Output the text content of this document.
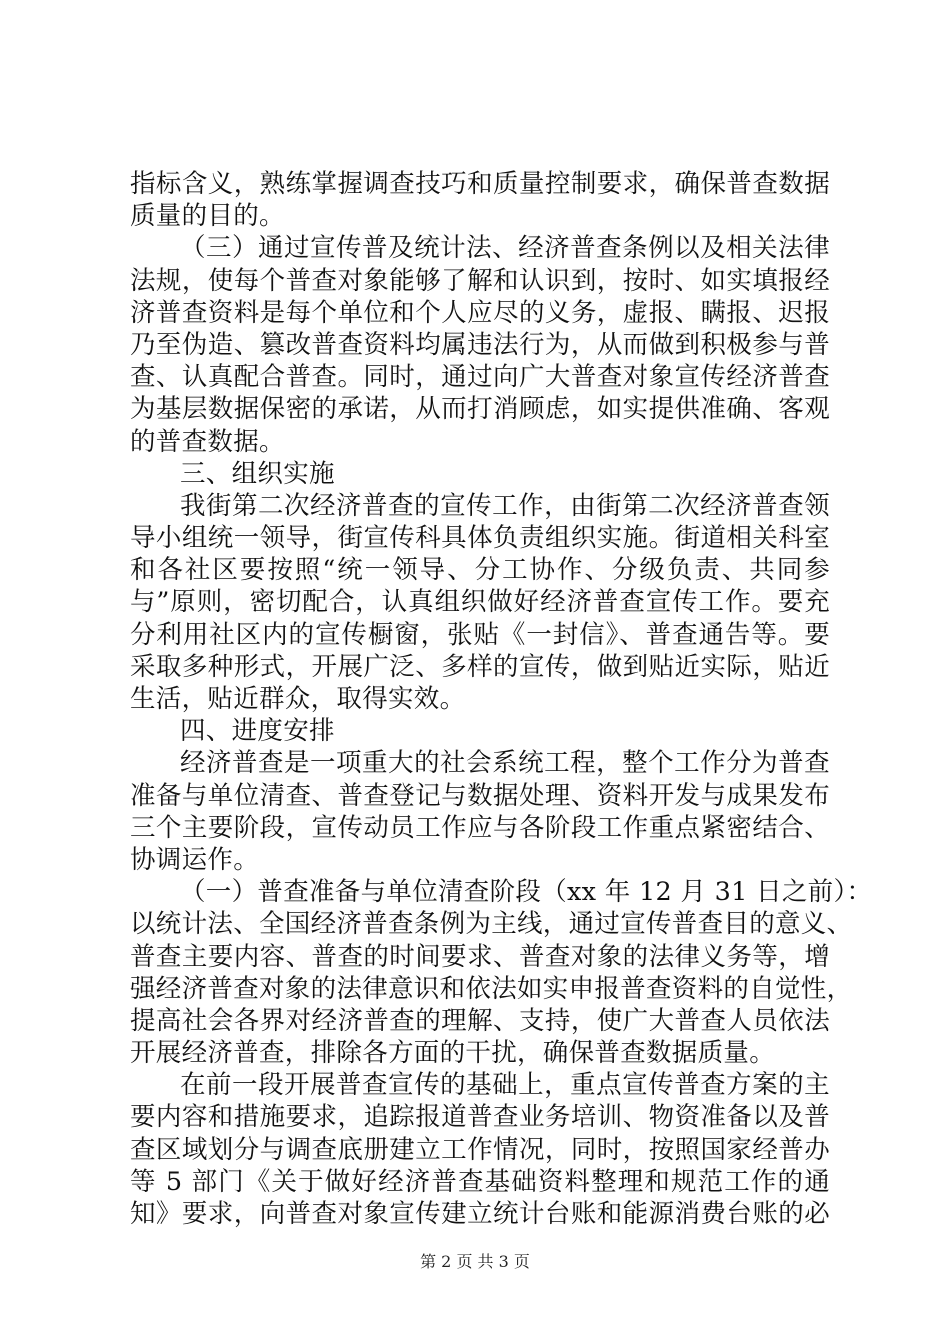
指标含义，熟练掌握调查技巧和质量控制要求，确保普查数据
质量的目的。
（三）通过宣传普及统计法、经济普查条例以及相关法律
法规，使每个普查对象能够了解和认识到，按时、如实填报经
济普查资料是每个单位和个人应尽的义务，虚报、瞒报、迟报
乃至伪造、篡改普查资料均属违法行为，从而做到积极参与普
查、认真配合普查。同时，通过向广大普查对象宣传经济普查
为基层数据保密的承诺，从而打消顾虑，如实提供准确、客观
的普查数据。
三、组织实施
我街第二次经济普查的宣传工作，由街第二次经济普查领
导小组统一领导，街宣传科具体负责组织实施。街道相关科室
和各社区要按照“统一领导、分工协作、分级负责、共同参
与”原则，密切配合，认真组织做好经济普查宣传工作。要充
分利用社区内的宣传橱窗，张贴《一封信》、普查通告等。要
采取多种形式，开展广泛、多样的宣传，做到贴近实际，贴近
生活，贴近群众，取得实效。
四、进度安排
经济普查是一项重大的社会系统工程，整个工作分为普查
准备与单位清查、普查登记与数据处理、资料开发与成果发布
三个主要阶段，宣传动员工作应与各阶段工作重点紧密结合、
协调运作。
（一）普查准备与单位清查阶段（xx 年 12 月 31 日之前）：
以统计法、全国经济普查条例为主线，通过宣传普查目的意义、
普查主要内容、普查的时间要求、普查对象的法律义务等，增
强经济普查对象的法律意识和依法如实申报普查资料的自觉性，
提高社会各界对经济普查的理解、支持，使广大普查人员依法
开展经济普查，排除各方面的干扰，确保普查数据质量。
在前一段开展普查宣传的基础上，重点宣传普查方案的主
要内容和措施要求，追踪报道普查业务培训、物资准备以及普
查区域划分与调查底册建立工作情况，同时，按照国家经普办
等 5 部门《关于做好经济普查基础资料整理和规范工作的通
知》要求，向普查对象宣传建立统计台账和能源消费台账的必
第 2 页 共 3 页
